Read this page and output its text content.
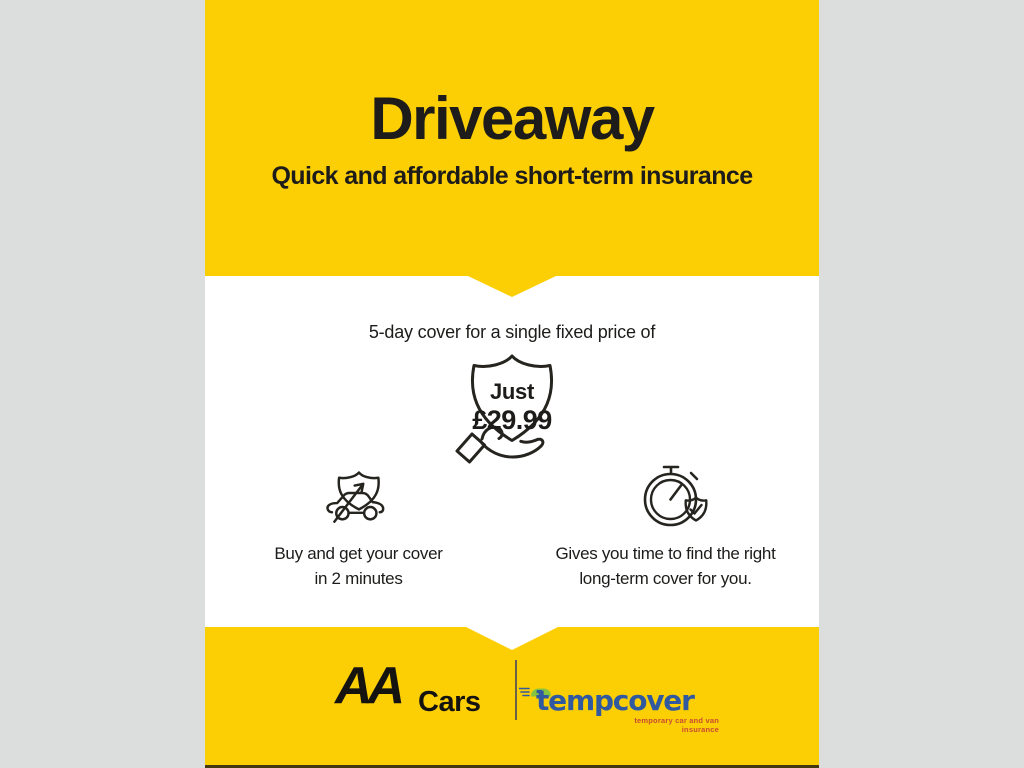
Driveaway
Quick and affordable short-term insurance
5-day cover for a single fixed price of
Just
£29.99
Buy and get your cover
in 2 minutes
Gives you time to find the right
long-term cover for you.
AA Cars tempcover
temporary car and van insurance
